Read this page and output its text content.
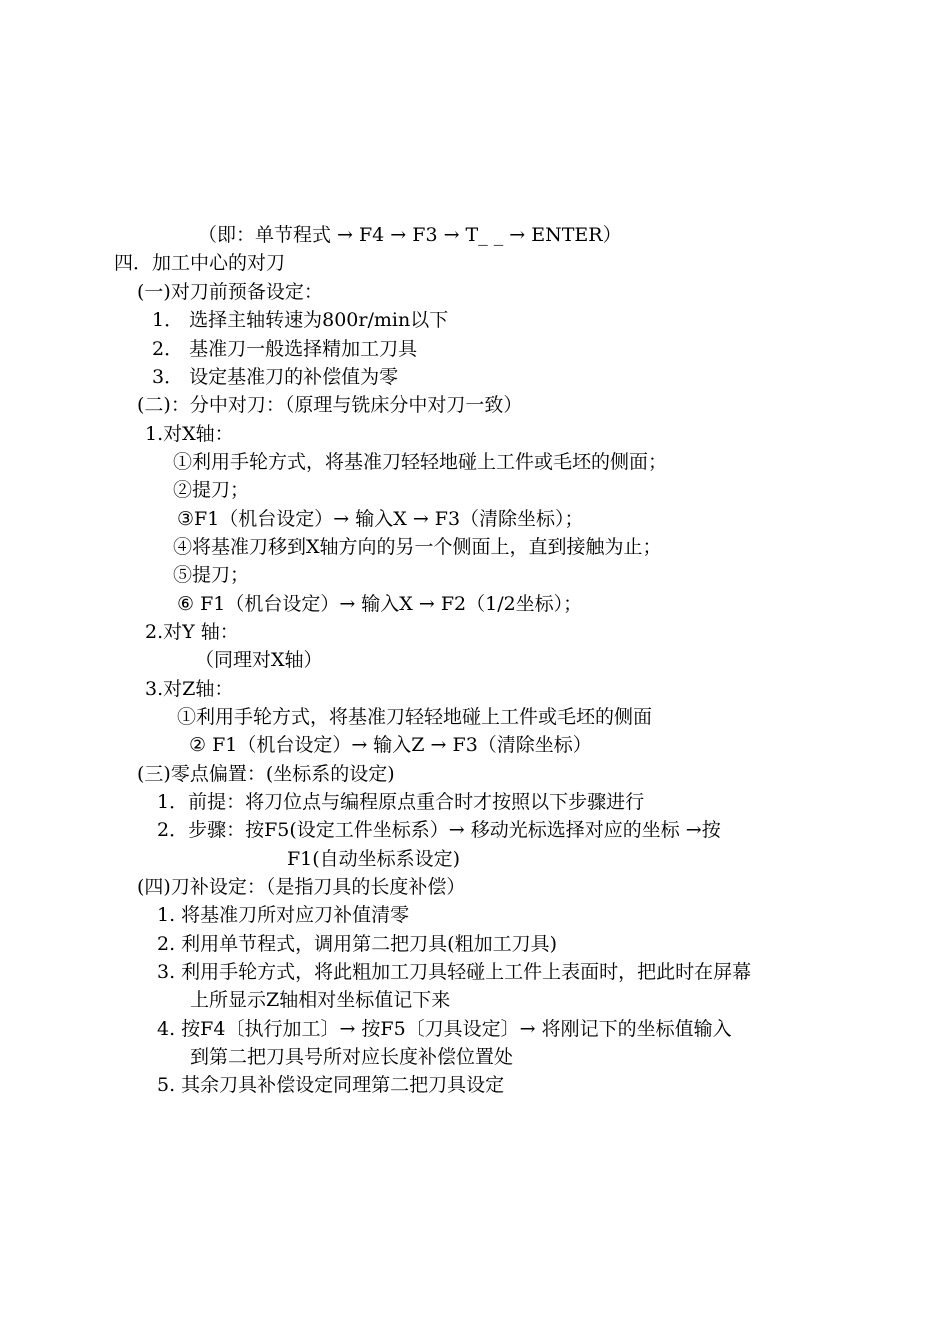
（即：单节程式 → F4 → F3 → T_ _ → ENTER）
四．加工中心的对刀
(一)对刀前预备设定：
1． 选择主轴转速为800r/min以下
2． 基准刀一般选择精加工刀具
3． 设定基准刀的补偿值为零
(二)：分中对刀：（原理与铣床分中对刀一致）
1.对X轴：
①利用手轮方式，将基准刀轻轻地碰上工件或毛坯的侧面；
②提刀；
③F1（机台设定）→ 输入X → F3（清除坐标）；
④将基准刀移到X轴方向的另一个侧面上，直到接触为止；
⑤提刀；
⑥ F1（机台设定）→ 输入X → F2（1/2坐标）；
2.对Y 轴：
（同理对X轴）
3.对Z轴：
①利用手轮方式，将基准刀轻轻地碰上工件或毛坯的侧面
② F1（机台设定）→ 输入Z → F3（清除坐标）
(三)零点偏置：(坐标系的设定)
1．前提：将刀位点与编程原点重合时才按照以下步骤进行
2．步骤：按F5(设定工件坐标系）→ 移动光标选择对应的坐标 →按
F1(自动坐标系设定)
(四)刀补设定：（是指刀具的长度补偿）
1. 将基准刀所对应刀补值清零
2. 利用单节程式，调用第二把刀具(粗加工刀具)
3. 利用手轮方式，将此粗加工刀具轻碰上工件上表面时，把此时在屏幕
上所显示Z轴相对坐标值记下来
4. 按F4〔执行加工〕→ 按F5〔刀具设定〕→ 将刚记下的坐标值输入
到第二把刀具号所对应长度补偿位置处
5. 其余刀具补偿设定同理第二把刀具设定
